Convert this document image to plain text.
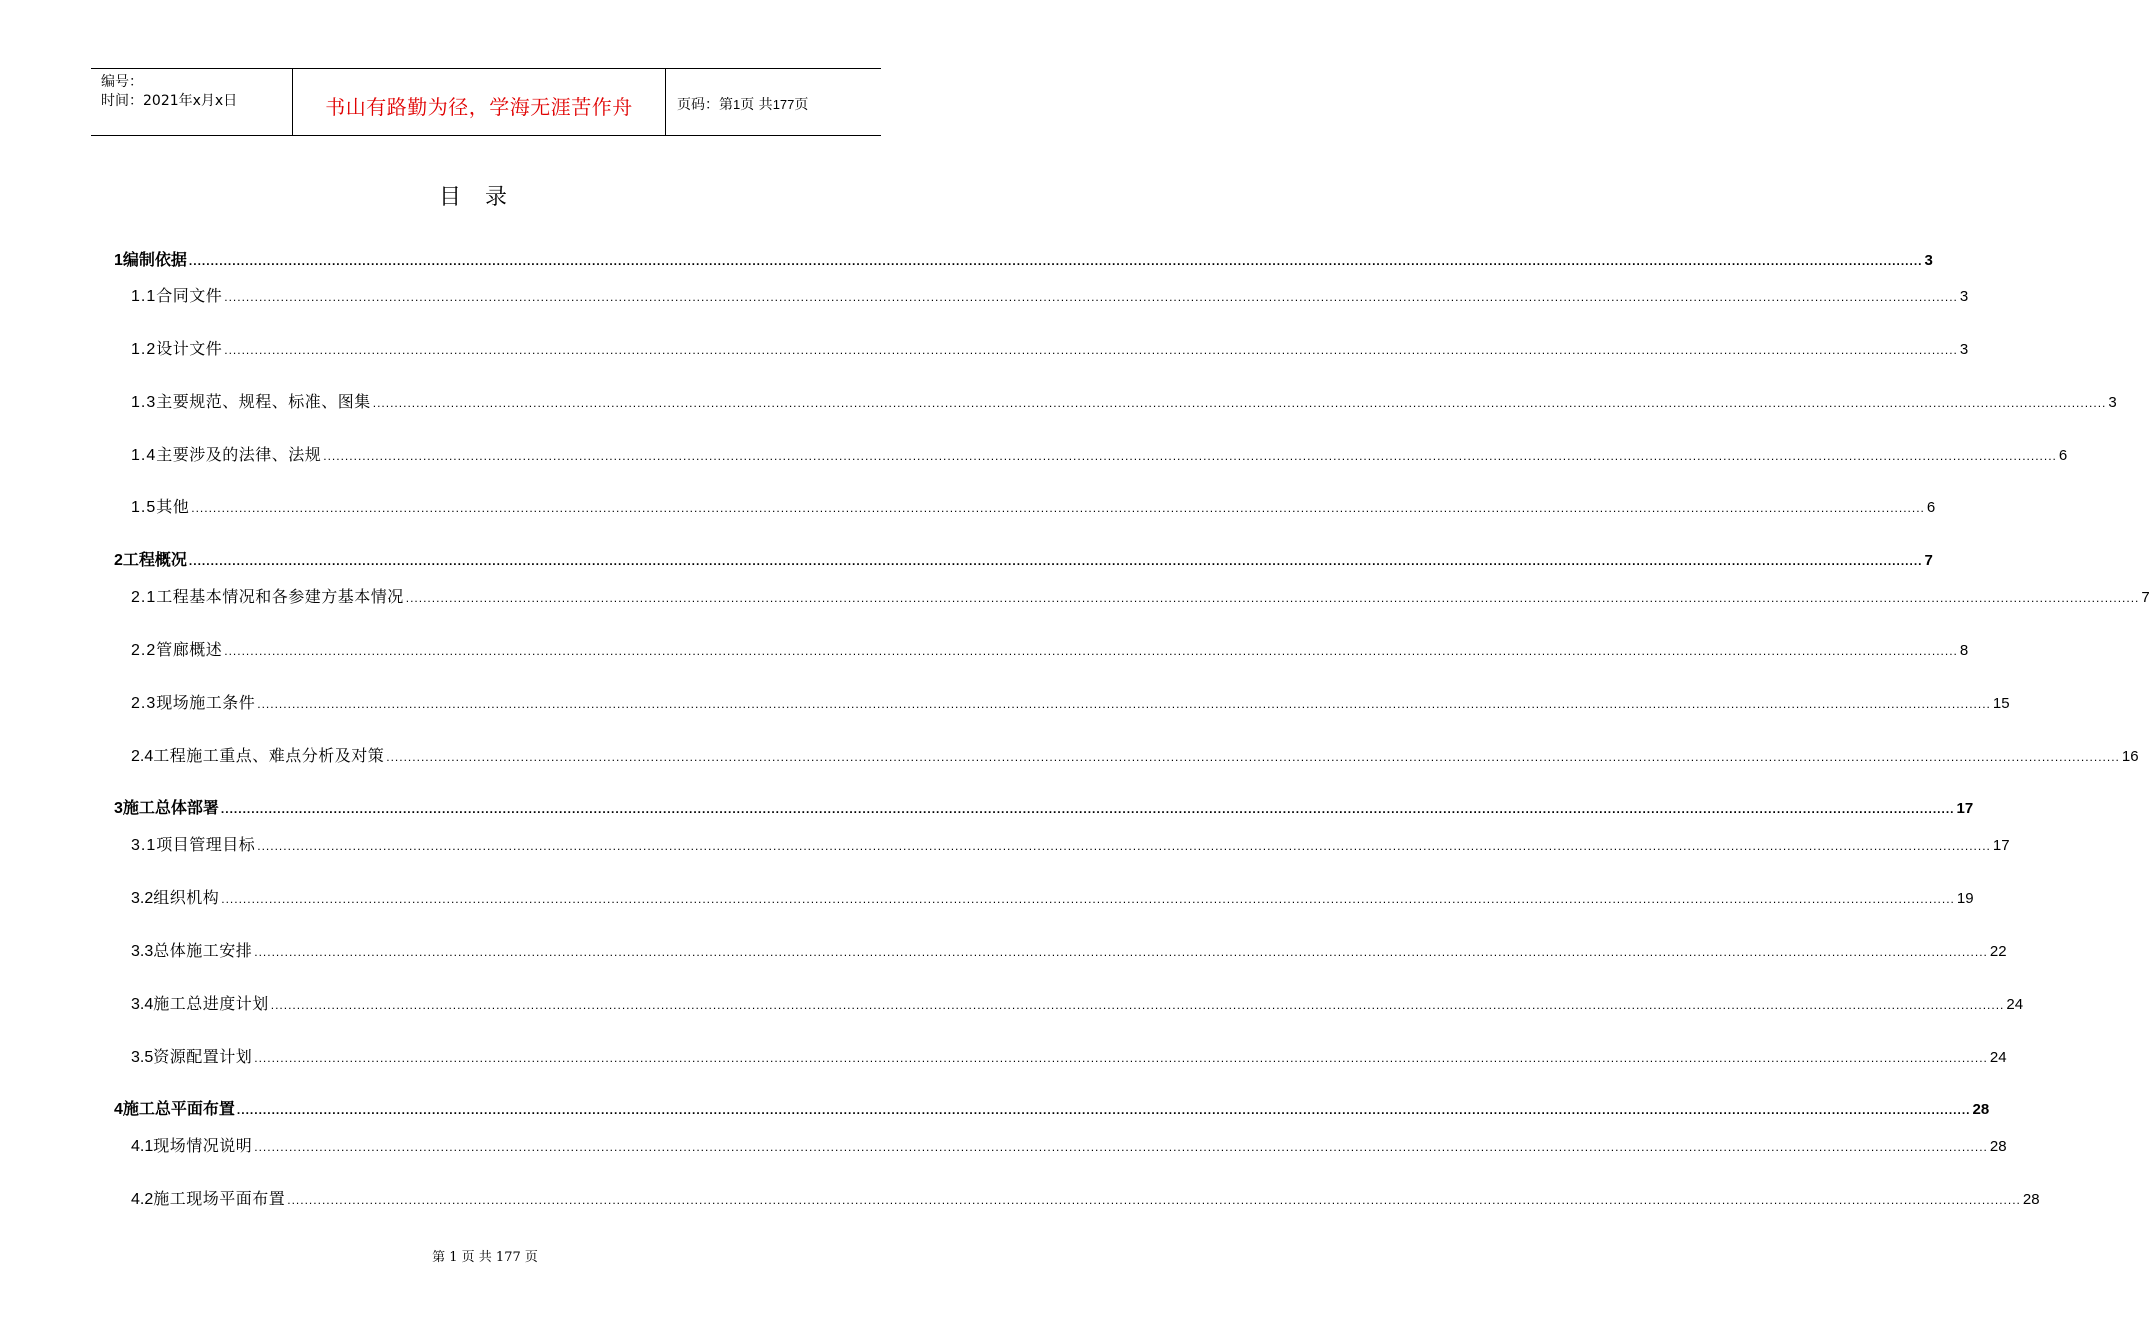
编号：
时间：2021年x月x日	书山有路勤为径，学海无涯苦作舟	页码：第1页 共177页
目录
1 编制依据 ................................................................................................................................................................................................................................................................................................................................................................................................................ 3
1.1 合同文件 ................................................................................................................................................................................................................................................................................................................................................................................................................ 3
1.2 设计文件 ................................................................................................................................................................................................................................................................................................................................................................................................................ 3
1.3 主要规范、规程、标准、图集 ................................................................................................................................................................................................................................................................................................................................................................................................................ 3
1.4 主要涉及的法律、法规 ................................................................................................................................................................................................................................................................................................................................................................................................................ 6
1.5 其他 ................................................................................................................................................................................................................................................................................................................................................................................................................ 6
2 工程概况 ................................................................................................................................................................................................................................................................................................................................................................................................................ 7
2.1 工程基本情况和各参建方基本情况 ................................................................................................................................................................................................................................................................................................................................................................................................................ 7
2.2 管廊概述 ................................................................................................................................................................................................................................................................................................................................................................................................................ 8
2.3 现场施工条件 ................................................................................................................................................................................................................................................................................................................................................................................................................ 15
2.4 工程施工重点、难点分析及对策 ................................................................................................................................................................................................................................................................................................................................................................................................................ 16
3 施工总体部署 ................................................................................................................................................................................................................................................................................................................................................................................................................ 17
3.1 项目管理目标 ................................................................................................................................................................................................................................................................................................................................................................................................................ 17
3.2 组织机构 ................................................................................................................................................................................................................................................................................................................................................................................................................ 19
3.3 总体施工安排 ................................................................................................................................................................................................................................................................................................................................................................................................................ 22
3.4 施工总进度计划 ................................................................................................................................................................................................................................................................................................................................................................................................................ 24
3.5 资源配置计划 ................................................................................................................................................................................................................................................................................................................................................................................................................ 24
4 施工总平面布置 ................................................................................................................................................................................................................................................................................................................................................................................................................ 28
4.1 现场情况说明 ................................................................................................................................................................................................................................................................................................................................................................................................................ 28
4.2 施工现场平面布置 ................................................................................................................................................................................................................................................................................................................................................................................................................ 28
第 1 页 共 177 页
